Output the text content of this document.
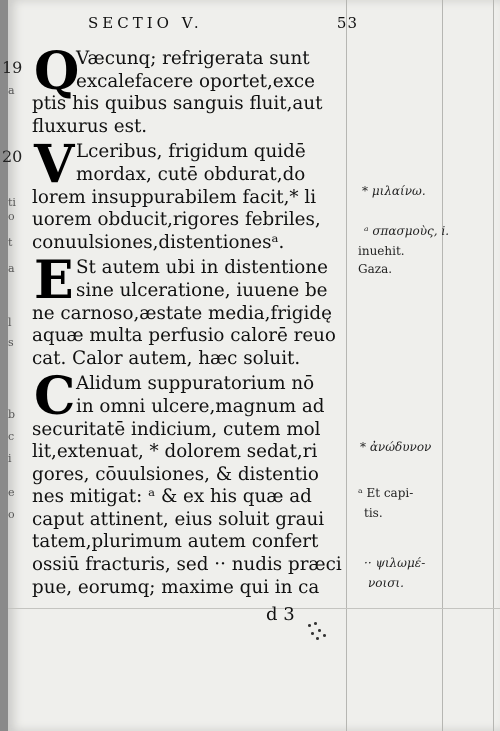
19
20
a
ti
o
t
a
l
s
b
c
i
e
o
SECTIO V.	53
Q
Væcunq; refrigerata sunt
excalefacere oportet,exce
ptis his quibus sanguis fluit,aut
fluxurus est.
V Lceribus, frigidum quidē
mordax, cutē obdurat,do
lorem insuppurabilem facit,* li
uorem obducit,rigores febriles,
conuulsiones,distentionesᵃ.
E St autem ubi in distentione
sine ulceratione, iuuene be
ne carnoso,æstate media,frigidę
aquæ multa perfusio calorē reuo
cat. Calor autem, hæc soluit.
C Alidum suppuratorium nō
in omni ulcere,magnum ad
securitatē indicium, cutem mol
lit,extenuat, * dolorem sedat,ri
gores, cōuulsiones, & distentio
nes mitigat: ᵃ & ex his quæ ad
caput attinent, eius soluit graui
tatem,plurimum autem confert
ossiū fracturis, sed ·· nudis præci
pue, eorumq; maxime qui in ca
* μιλαίνω.
ᵃ σπασμοὺς, i.
inuehit.
Gaza.
* ἀνώδυνον
ᵃ Et capi-
tis.
·· ψιλωμέ-
νοισι.
d 3
